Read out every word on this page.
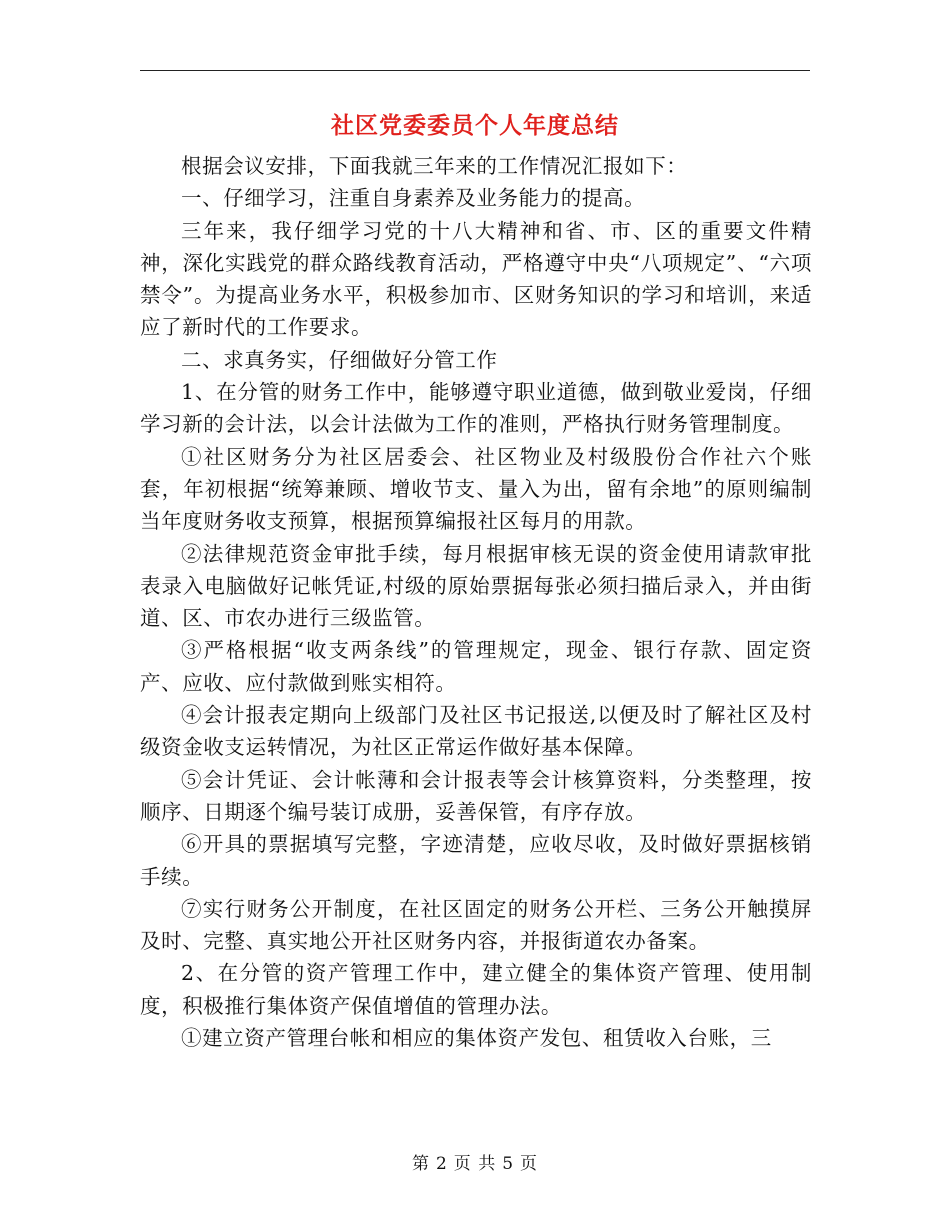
社区党委委员个人年度总结

根据会议安排，下面我就三年来的工作情况汇报如下：

一、仔细学习，注重自身素养及业务能力的提高。

三年来，我仔细学习党的十八大精神和省、市、区的重要文件精神，深化实践党的群众路线教育活动，严格遵守中央“八项规定”、“六项禁令”。为提高业务水平，积极参加市、区财务知识的学习和培训，来适应了新时代的工作要求。

二、求真务实，仔细做好分管工作

1、在分管的财务工作中，能够遵守职业道德，做到敬业爱岗，仔细学习新的会计法，以会计法做为工作的准则，严格执行财务管理制度。

①社区财务分为社区居委会、社区物业及村级股份合作社六个账套，年初根据“统筹兼顾、增收节支、量入为出，留有余地”的原则编制当年度财务收支预算，根据预算编报社区每月的用款。

②法律规范资金审批手续，每月根据审核无误的资金使用请款审批表录入电脑做好记帐凭证,村级的原始票据每张必须扫描后录入，并由街道、区、市农办进行三级监管。

③严格根据“收支两条线”的管理规定，现金、银行存款、固定资产、应收、应付款做到账实相符。

④会计报表定期向上级部门及社区书记报送,以便及时了解社区及村级资金收支运转情况，为社区正常运作做好基本保障。

⑤会计凭证、会计帐薄和会计报表等会计核算资料，分类整理，按顺序、日期逐个编号装订成册，妥善保管，有序存放。

⑥开具的票据填写完整，字迹清楚，应收尽收，及时做好票据核销手续。

⑦实行财务公开制度，在社区固定的财务公开栏、三务公开触摸屏及时、完整、真实地公开社区财务内容，并报街道农办备案。

2、在分管的资产管理工作中，建立健全的集体资产管理、使用制度，积极推行集体资产保值增值的管理办法。

①建立资产管理台帐和相应的集体资产发包、租赁收入台账，三

第 2 页 共 5 页
